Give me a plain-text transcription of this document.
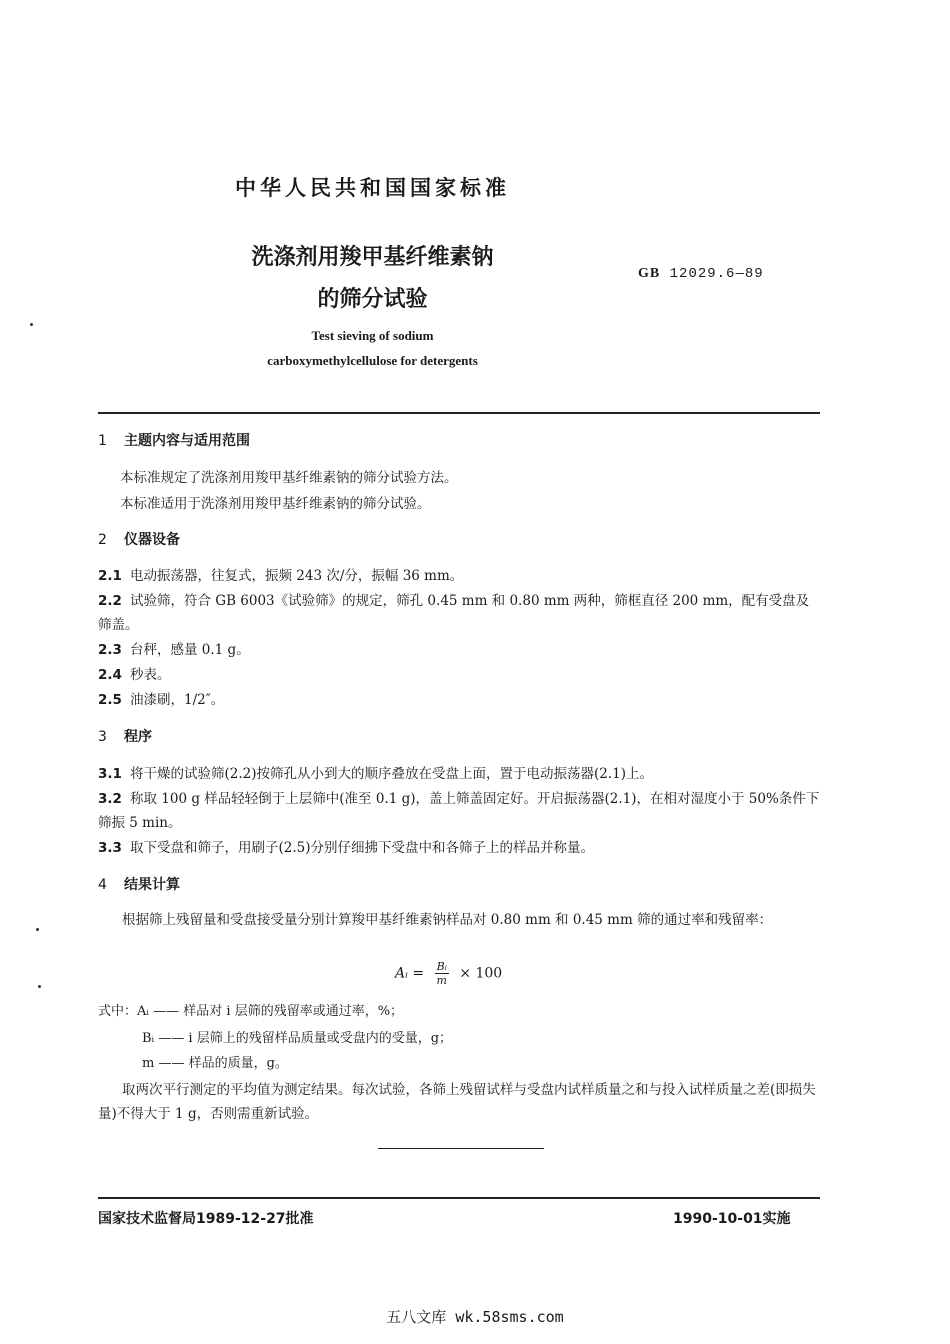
中华人民共和国国家标准
洗涤剂用羧甲基纤维素钠
的筛分试验
GB 12029.6—89
Test sieving of sodium
carboxymethylcellulose for detergents
1 主题内容与适用范围
本标准规定了洗涤剂用羧甲基纤维素钠的筛分试验方法。
本标准适用于洗涤剂用羧甲基纤维素钠的筛分试验。
2 仪器设备
2.1 电动振荡器，往复式，振频 243 次/分，振幅 36 mm。
2.2 试验筛，符合 GB 6003《试验筛》的规定，筛孔 0.45 mm 和 0.80 mm 两种，筛框直径 200 mm，配有受盘及筛盖。
2.3 台秤，感量 0.1 g。
2.4 秒表。
2.5 油漆刷，1/2″。
3 程序
3.1 将干燥的试验筛(2.2)按筛孔从小到大的顺序叠放在受盘上面，置于电动振荡器(2.1)上。
3.2 称取 100 g 样品轻轻倒于上层筛中(准至 0.1 g)，盖上筛盖固定好。开启振荡器(2.1)，在相对湿度小于 50%条件下筛振 5 min。
3.3 取下受盘和筛子，用刷子(2.5)分别仔细拂下受盘中和各筛子上的样品并称量。
4 结果计算
根据筛上残留量和受盘接受量分别计算羧甲基纤维素钠样品对 0.80 mm 和 0.45 mm 筛的通过率和残留率：
Aᵢ = $\frac{\text{Bᵢ}}{m} \times 100$
式中：Aᵢ —— 样品对 i 层筛的残留率或通过率，%；
Bᵢ —— i 层筛上的残留样品质量或受盘内的受量，g；
m —— 样品的质量，g。
取两次平行测定的平均值为测定结果。每次试验，各筛上残留试样与受盘内试样质量之和与投入试样质量之差(即损失量)不得大于 1 g，否则需重新试验。
国家技术监督局1989-12-27批准	1990-10-01实施
五八文库 wk.58sms.com
